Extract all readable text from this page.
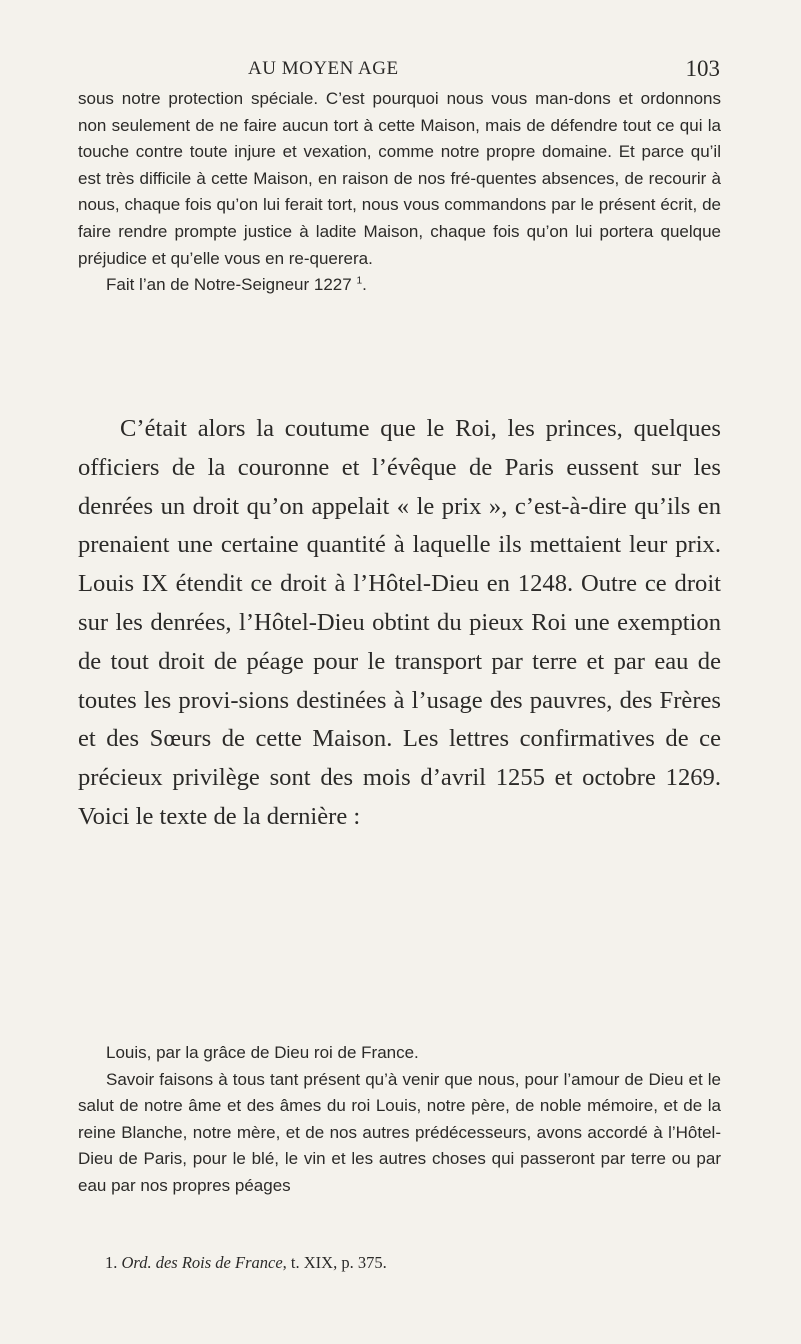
AU MOYEN AGE	103

sous notre protection spéciale. C’est pourquoi nous vous man-dons et ordonnons non seulement de ne faire aucun tort à cette Maison, mais de défendre tout ce qui la touche contre toute injure et vexation, comme notre propre domaine. Et parce qu’il est très difficile à cette Maison, en raison de nos fré-quentes absences, de recourir à nous, chaque fois qu’on lui ferait tort, nous vous commandons par le présent écrit, de faire rendre prompte justice à ladite Maison, chaque fois qu’on lui portera quelque préjudice et qu’elle vous en re-querera.

Fait l’an de Notre-Seigneur 1227 $^1$.

C’était alors la coutume que le Roi, les princes, quelques officiers de la couronne et l’évêque de Paris eussent sur les denrées un droit qu’on appelait « le prix », c’est-à-dire qu’ils en prenaient une certaine quantité à laquelle ils mettaient leur prix. Louis IX étendit ce droit à l’Hôtel-Dieu en 1248. Outre ce droit sur les denrées, l’Hôtel-Dieu obtint du pieux Roi une exemption de tout droit de péage pour le transport par terre et par eau de toutes les provi-sions destinées à l’usage des pauvres, des Frères et des Sœurs de cette Maison. Les lettres confirmatives de ce précieux privilège sont des mois d’avril 1255 et octobre 1269. Voici le texte de la dernière :

Louis, par la grâce de Dieu roi de France.

Savoir faisons à tous tant présent qu’à venir que nous, pour l’amour de Dieu et le salut de notre âme et des âmes du roi Louis, notre père, de noble mémoire, et de la reine Blanche, notre mère, et de nos autres prédécesseurs, avons accordé à l’Hôtel-Dieu de Paris, pour le blé, le vin et les autres choses qui passeront par terre ou par eau par nos propres péages

1. Ord. des Rois de France, t. XIX, p. 375.
